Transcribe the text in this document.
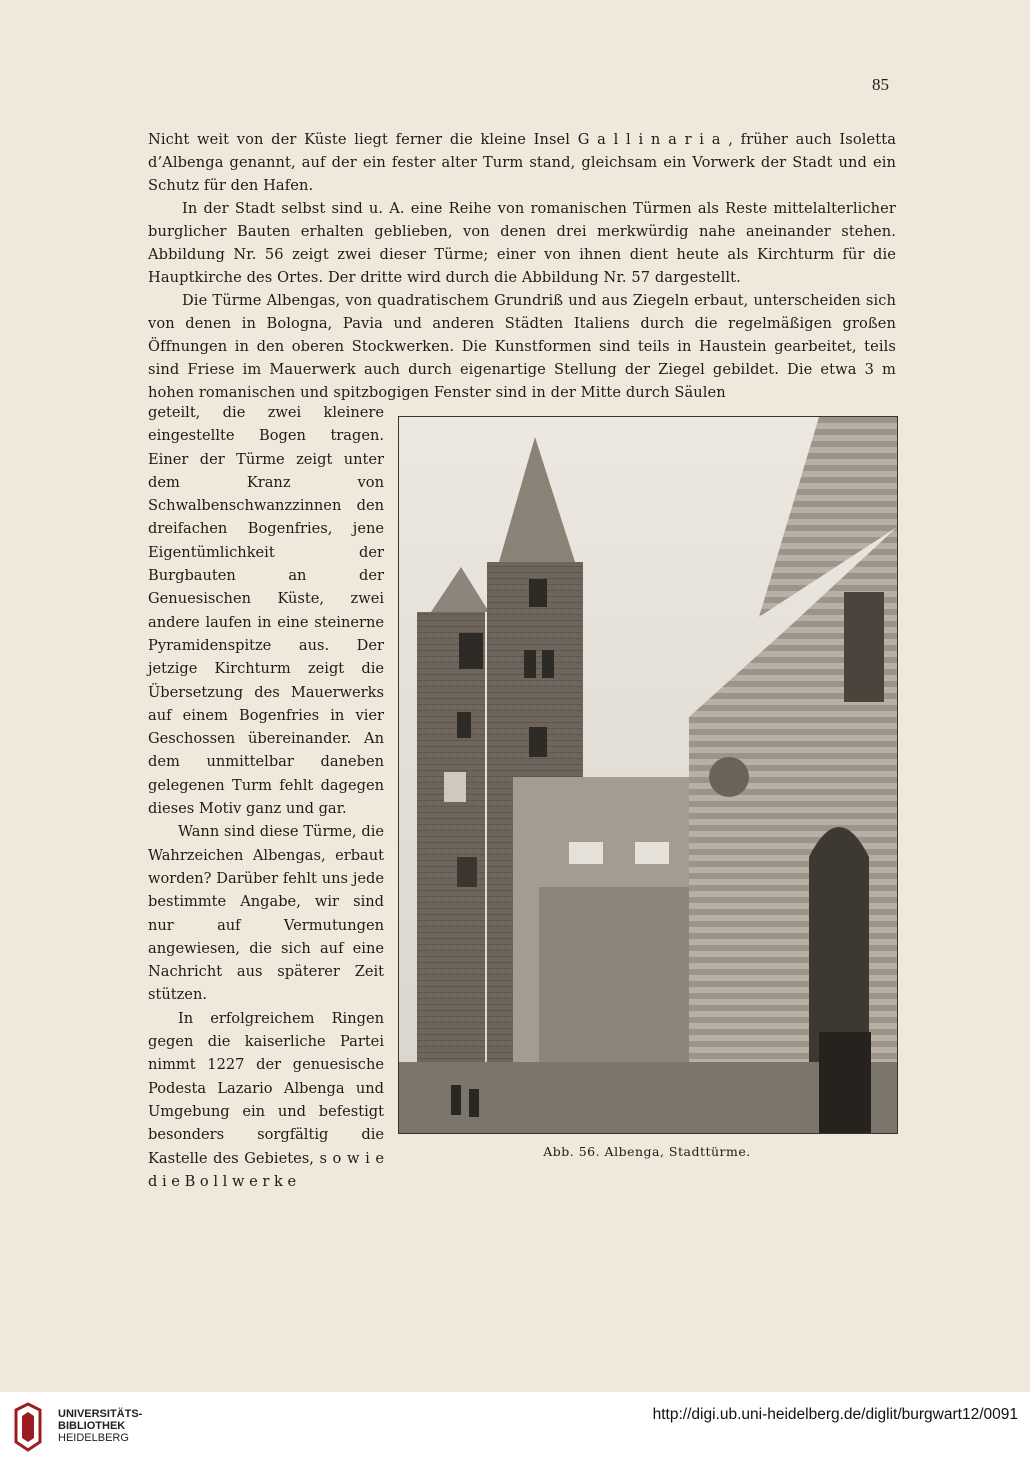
85

Nicht weit von der Küste liegt ferner die kleine Insel G a l l i n a r i a , früher auch Isoletta d’Albenga genannt, auf der ein fester alter Turm stand, gleichsam ein Vorwerk der Stadt und ein Schutz für den Hafen.

In der Stadt selbst sind u. A. eine Reihe von romanischen Türmen als Reste mittelalterlicher burglicher Bauten erhalten geblieben, von denen drei merkwürdig nahe aneinander stehen. Abbildung Nr. 56 zeigt zwei dieser Türme; einer von ihnen dient heute als Kirchturm für die Hauptkirche des Ortes. Der dritte wird durch die Abbildung Nr. 57 dargestellt.

Die Türme Albengas, von quadratischem Grundriß und aus Ziegeln erbaut, unterscheiden sich von denen in Bologna, Pavia und anderen Städten Italiens durch die regelmäßigen großen Öffnungen in den oberen Stockwerken. Die Kunstformen sind teils in Haustein gearbeitet, teils sind Friese im Mauerwerk auch durch eigenartige Stellung der Ziegel gebildet. Die etwa 3 m hohen romanischen und spitzbogigen Fenster sind in der Mitte durch Säulen

geteilt, die zwei kleinere eingestellte Bogen tragen. Einer der Türme zeigt unter dem Kranz von Schwalbenschwanzzinnen den dreifachen Bogenfries, jene Eigentümlichkeit der Burgbauten an der Genuesischen Küste, zwei andere laufen in eine steinerne Pyramidenspitze aus. Der jetzige Kirchturm zeigt die Übersetzung des Mauerwerks auf einem Bogenfries in vier Geschossen übereinander. An dem unmittelbar daneben gelegenen Turm fehlt dagegen dieses Motiv ganz und gar.

Wann sind diese Türme, die Wahrzeichen Albengas, erbaut worden? Darüber fehlt uns jede bestimmte Angabe, wir sind nur auf Vermutungen angewiesen, die sich auf eine Nachricht aus späterer Zeit stützen.

In erfolgreichem Ringen gegen die kaiserliche Partei nimmt 1227 der genuesische Podesta Lazario Albenga und Umgebung ein und befestigt besonders sorgfältig die Kastelle des Gebietes, s o w i e d i e B o l l w e r k e

Abb. 56. Albenga, Stadttürme.
UNIVERSITÄTS-
BIBLIOTHEK
HEIDELBERG
http://digi.ub.uni-heidelberg.de/diglit/burgwart12/0091
